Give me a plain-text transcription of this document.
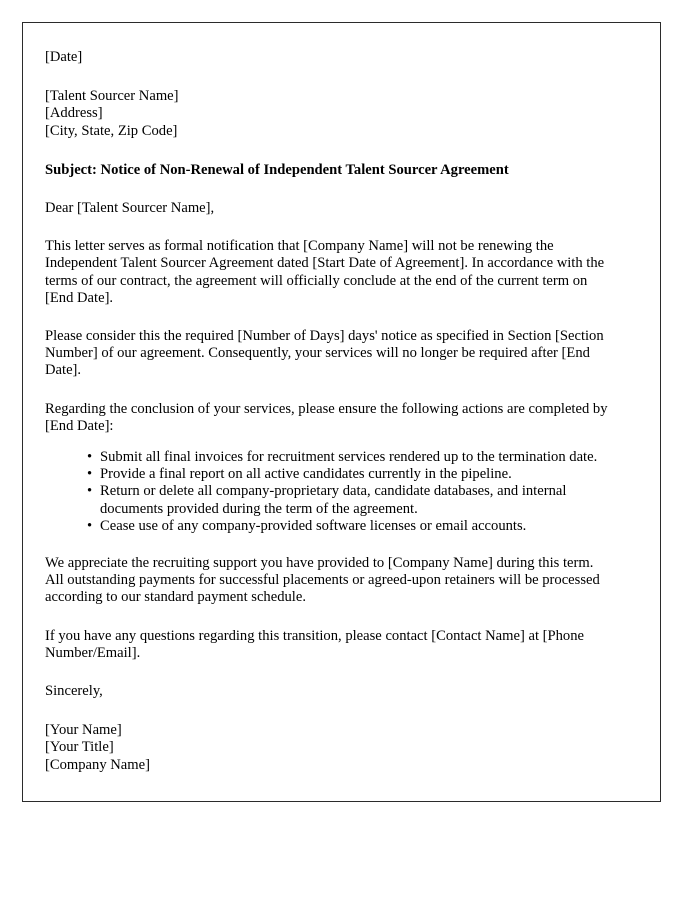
[Date]

[Talent Sourcer Name]

[Address]

[City, State, Zip Code]

Subject: Notice of Non-Renewal of Independent Talent Sourcer Agreement

Dear [Talent Sourcer Name],

This letter serves as formal notification that [Company Name] will not be renewing the Independent Talent Sourcer Agreement dated [Start Date of Agreement]. In accordance with the terms of our contract, the agreement will officially conclude at the end of the current term on [End Date].

Please consider this the required [Number of Days] days' notice as specified in Section [Section Number] of our agreement. Consequently, your services will no longer be required after [End Date].

Regarding the conclusion of your services, please ensure the following actions are completed by [End Date]:

• Submit all final invoices for recruitment services rendered up to the termination date.
• Provide a final report on all active candidates currently in the pipeline.
• Return or delete all company-proprietary data, candidate databases, and internal documents provided during the term of the agreement.
• Cease use of any company-provided software licenses or email accounts.

We appreciate the recruiting support you have provided to [Company Name] during this term. All outstanding payments for successful placements or agreed-upon retainers will be processed according to our standard payment schedule.

If you have any questions regarding this transition, please contact [Contact Name] at [Phone Number/Email].

Sincerely,

[Your Name]

[Your Title]

[Company Name]
